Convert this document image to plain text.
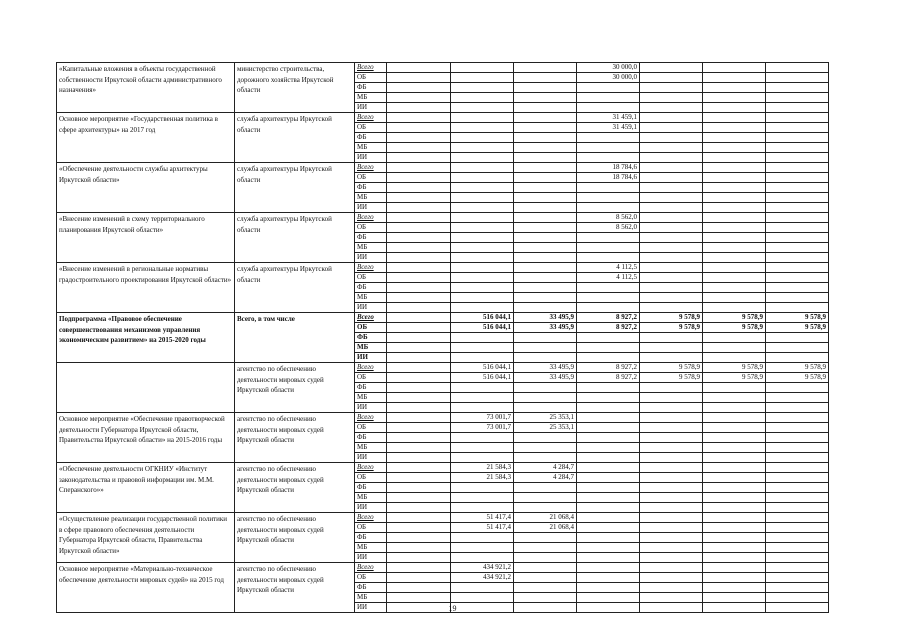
«Капитальные вложения в объекты государственной собственности Иркутской области административного назначения»	министерство строительства, дорожного хозяйства Иркутской области	Всего				30 000,0			
		ОБ				30 000,0			
		ФБ							
		МБ							
		ИИ							
Основное мероприятие «Государственная политика в сфере архитектуры» на 2017 год	служба архитектуры Иркутской области	Всего				31 459,1			
		ОБ				31 459,1			
		ФБ							
		МБ							
		ИИ							
«Обеспечение деятельности службы архитектуры Иркутской области»	служба архитектуры Иркутской области	Всего				18 784,6			
		ОБ				18 784,6			
		ФБ							
		МБ							
		ИИ							
«Внесение изменений в схему территориального планирования Иркутской области»	служба архитектуры Иркутской области	Всего				8 562,0			
		ОБ				8 562,0			
		ФБ							
		МБ							
		ИИ							
«Внесение изменений в региональные нормативы градостроительного проектирования Иркутской области»	служба архитектуры Иркутской области	Всего				4 112,5			
		ОБ				4 112,5			
		ФБ							
		МБ							
		ИИ							
Подпрограмма «Правовое обеспечение совершенствования механизмов управления экономическим развитием» на 2015-2020 годы	Всего, в том числе	Всего		516 044,1	33 495,9	8 927,2	9 578,9	9 578,9	9 578,9
		ОБ		516 044,1	33 495,9	8 927,2	9 578,9	9 578,9	9 578,9
		ФБ							
		МБ							
		ИИ							
	агентство по обеспечению деятельности мировых судей Иркутской области	Всего		516 044,1	33 495,9	8 927,2	9 578,9	9 578,9	9 578,9
		ОБ		516 044,1	33 495,9	8 927,2	9 578,9	9 578,9	9 578,9
		ФБ							
		МБ							
		ИИ							
Основное мероприятие «Обеспечение правотворческой деятельности Губернатора Иркутской области, Правительства Иркутской области» на 2015-2016 годы	агентство по обеспечению деятельности мировых судей Иркутской области	Всего		73 001,7	25 353,1				
		ОБ		73 001,7	25 353,1				
		ФБ							
		МБ							
		ИИ							
«Обеспечение деятельности ОГКНИУ «Институт законодательства и правовой информации им. М.М. Сперанского»»	агентство по обеспечению деятельности мировых судей Иркутской области	Всего		21 584,3	4 284,7				
		ОБ		21 584,3	4 284,7				
		ФБ							
		МБ							
		ИИ							
«Осуществление реализации государственной политики в сфере правового обеспечения деятельности Губернатора Иркутской области, Правительства Иркутской области»	агентство по обеспечению деятельности мировых судей Иркутской области	Всего		51 417,4	21 068,4				
		ОБ		51 417,4	21 068,4				
		ФБ							
		МБ							
		ИИ							
Основное мероприятие «Материально-техническое обеспечение деятельности мировых судей» на 2015 год	агентство по обеспечению деятельности мировых судей Иркутской области	Всего		434 921,2					
		ОБ		434 921,2					
		ФБ							
		МБ							
		ИИ								19
